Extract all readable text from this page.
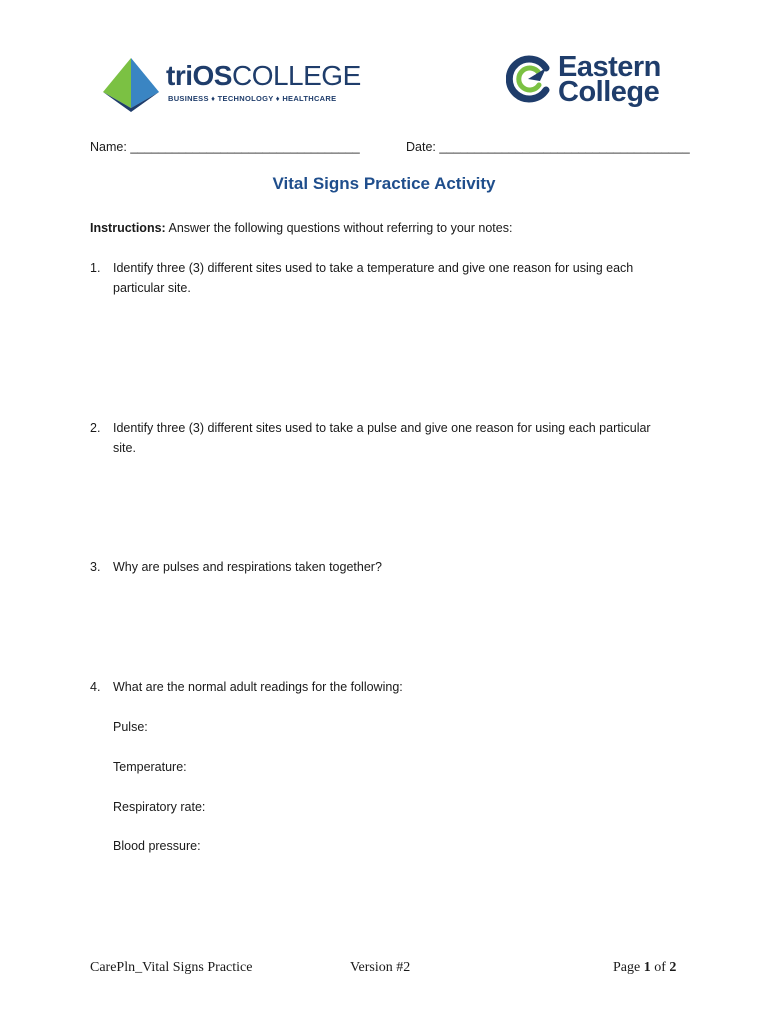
triOSCOLLEGE
BUSINESS ♦ TECHNOLOGY ♦ HEALTHCARE
Eastern
College
Name: _________________________________	Date: ____________________________________
Vital Signs Practice Activity
Instructions: Answer the following questions without referring to your notes:
1. Identify three (3) different sites used to take a temperature and give one reason for using each particular site.
2. Identify three (3) different sites used to take a pulse and give one reason for using each particular site.
3. Why are pulses and respirations taken together?
4. What are the normal adult readings for the following:
Pulse:
Temperature:
Respiratory rate:
Blood pressure:
CarePln_Vital Signs Practice	Version #2	Page 1 of 2
